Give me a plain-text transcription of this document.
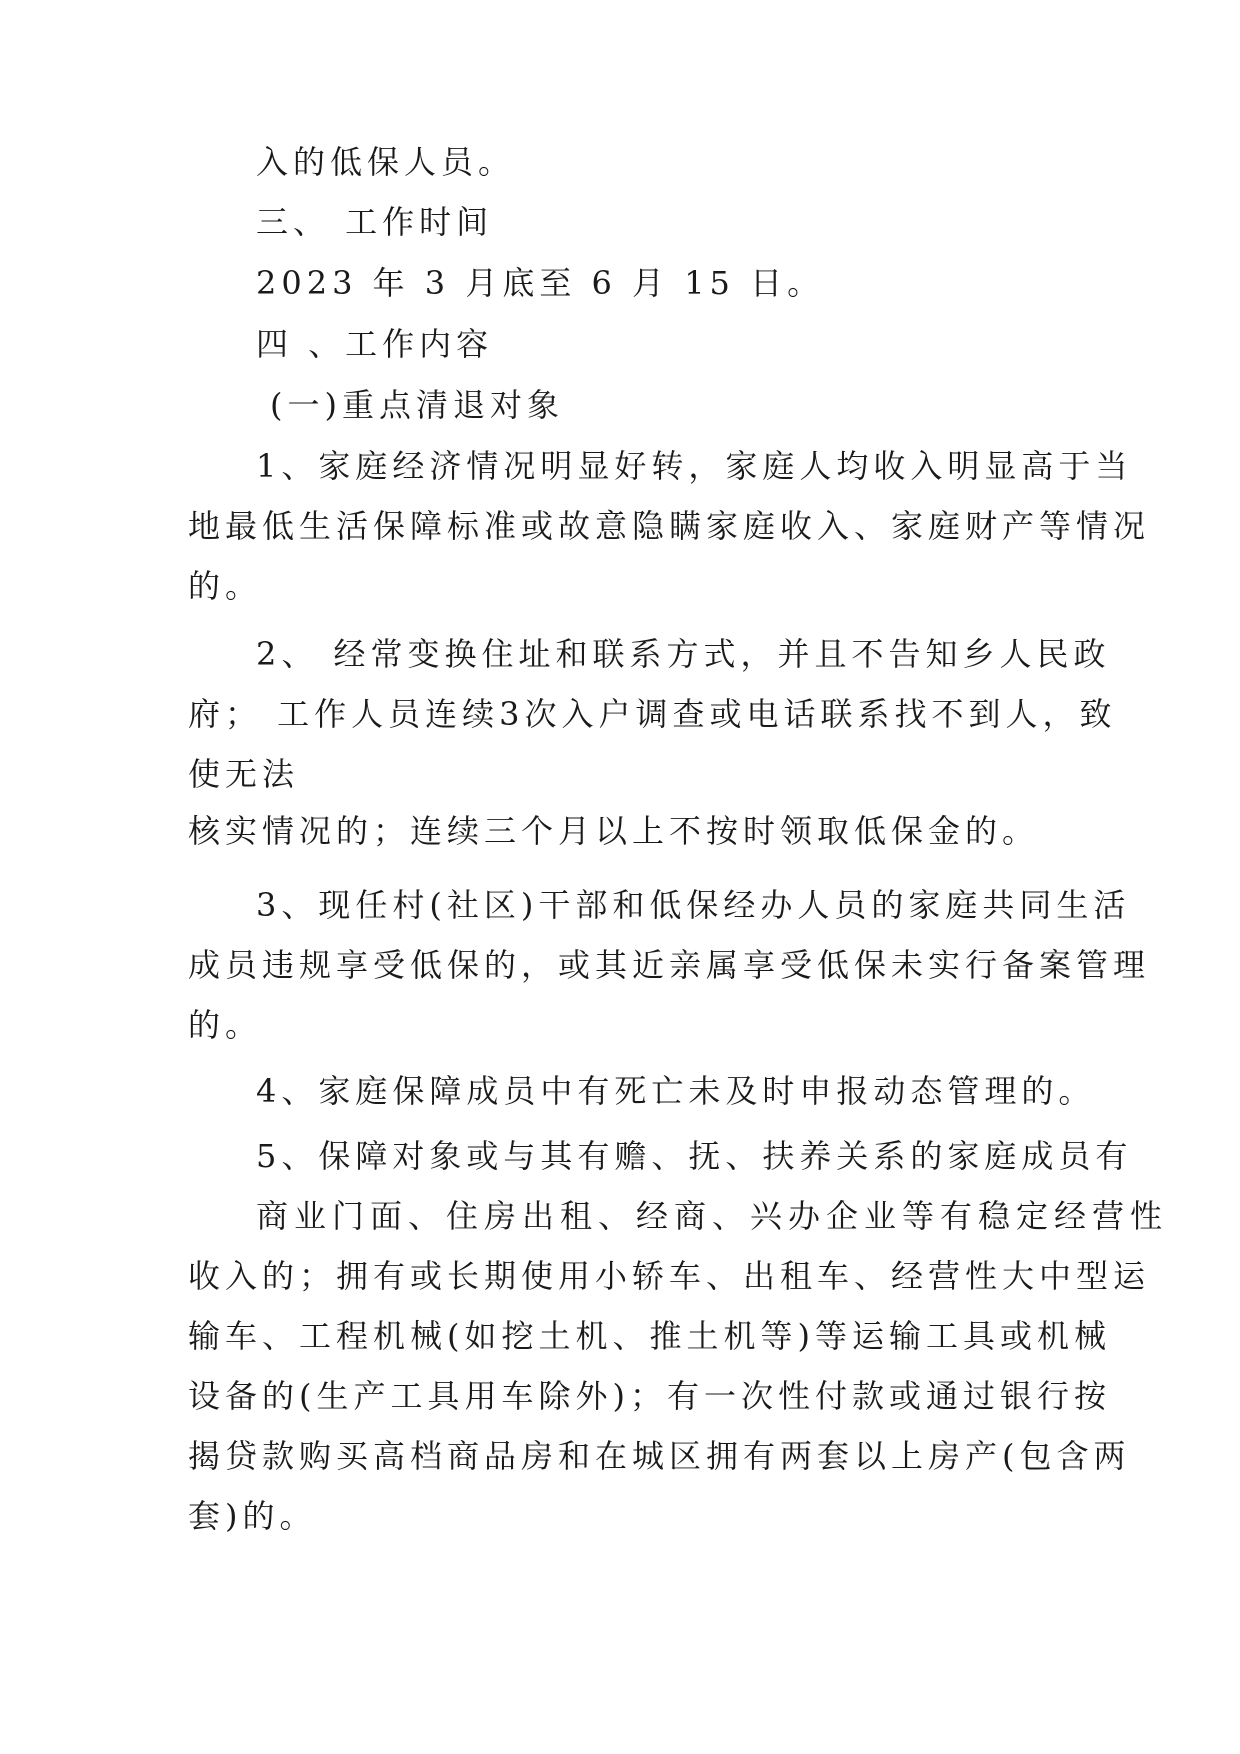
入的低保人员。

三、 工作时间

2023 年 3 月底至 6 月 15 日。

四 、工作内容

(一)重点清退对象

1、家庭经济情况明显好转，家庭人均收入明显高于当

地最低生活保障标准或故意隐瞒家庭收入、家庭财产等情况

的。

2、 经常变换住址和联系方式，并且不告知乡人民政

府； 工作人员连续3次入户调查或电话联系找不到人，致

使无法

核实情况的；连续三个月以上不按时领取低保金的。

3、现任村(社区)干部和低保经办人员的家庭共同生活

成员违规享受低保的，或其近亲属享受低保未实行备案管理

的。

4、家庭保障成员中有死亡未及时申报动态管理的。

5、保障对象或与其有赡、抚、扶养关系的家庭成员有

商业门面、住房出租、经商、兴办企业等有稳定经营性

收入的；拥有或长期使用小轿车、出租车、经营性大中型运

输车、工程机械(如挖土机、推土机等)等运输工具或机械

设备的(生产工具用车除外)；有一次性付款或通过银行按

揭贷款购买高档商品房和在城区拥有两套以上房产(包含两

套)的。
